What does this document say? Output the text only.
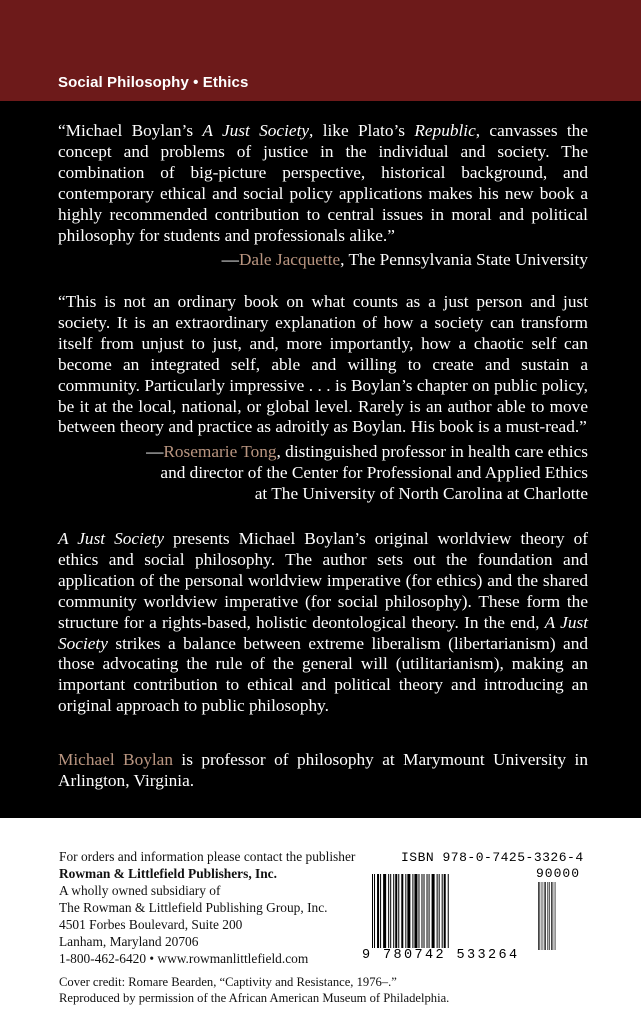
Social Philosophy • Ethics
“Michael Boylan’s A Just Society, like Plato’s Republic, canvasses the concept and problems of justice in the individual and society. The combination of big-picture perspective, historical background, and contemporary ethical and social policy applications makes his new book a highly recommended contribution to central issues in moral and political philosophy for students and professionals alike.”
—Dale Jacquette, The Pennsylvania State University
“This is not an ordinary book on what counts as a just person and just society. It is an extraordinary explanation of how a society can transform itself from unjust to just, and, more importantly, how a chaotic self can become an integrated self, able and willing to create and sustain a community. Particularly impressive . . . is Boylan’s chapter on public policy, be it at the local, national, or global level. Rarely is an author able to move between theory and practice as adroitly as Boylan. His book is a must-read.”
—Rosemarie Tong, distinguished professor in health care ethics
and director of the Center for Professional and Applied Ethics
at The University of North Carolina at Charlotte
A Just Society presents Michael Boylan’s original worldview theory of ethics and social philosophy. The author sets out the foundation and application of the personal worldview imperative (for ethics) and the shared community worldview imperative (for social philosophy). These form the structure for a rights-based, holistic deontological theory. In the end, A Just Society strikes a balance between extreme liberalism (libertarianism) and those advocating the rule of the general will (utilitarianism), making an important contribution to ethical and political theory and introducing an original approach to public philosophy.
Michael Boylan is professor of philosophy at Marymount University in Arlington, Virginia.
For orders and information please contact the publisher
Rowman & Littlefield Publishers, Inc.
A wholly owned subsidiary of
The Rowman & Littlefield Publishing Group, Inc.
4501 Forbes Boulevard, Suite 200
Lanham, Maryland 20706
1-800-462-6420 • www.rowmanlittlefield.com
Cover credit: Romare Bearden, “Captivity and Resistance, 1976–.”
Reproduced by permission of the African American Museum of Philadelphia.
ISBN 978-0-7425-3326-4
90000
9 780742 533264
